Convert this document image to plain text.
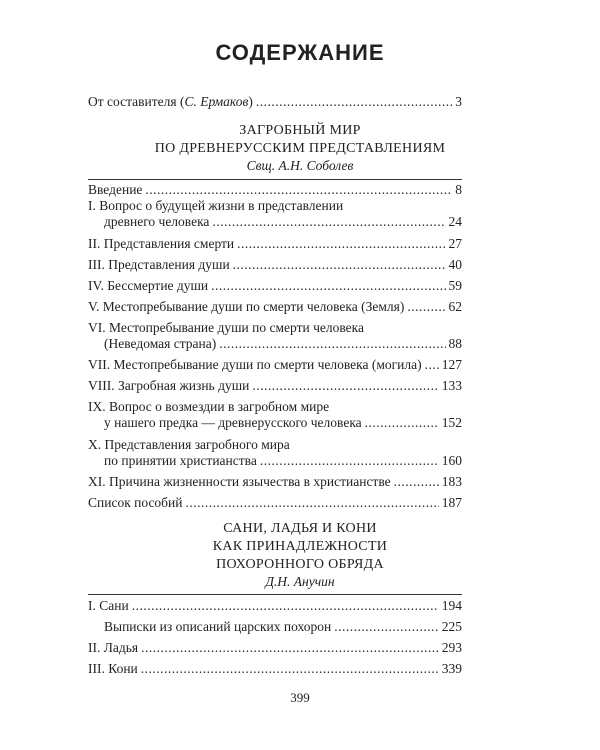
СОДЕРЖАНИЕ
От составителя (С. Ермаков) .....	3
ЗАГРОБНЫЙ МИР
ПО ДРЕВНЕРУССКИМ ПРЕДСТАВЛЕНИЯМ
Свщ. А.Н. Соболев
Введение .....	8
I. Вопрос о будущей жизни в представлении
древнего человека .....	24
II. Представления смерти .....	27
III. Представления души .....	40
IV. Бессмертие души .....	59
V. Местопребывание души по смерти человека (Земля) .....	62
VI. Местопребывание души по смерти человека
(Неведомая страна) .....	88
VII. Местопребывание души по смерти человека (могила) ..... 127
VIII. Загробная жизнь души .....	133
IX. Вопрос о возмездии в загробном мире
у нашего предка — древнерусского человека .....	152
X. Представления загробного мира
по принятии христианства .....	160
XI. Причина жизненности язычества в христианстве .....	183
Список пособий .....	187
САНИ, ЛАДЬЯ И КОНИ
КАК ПРИНАДЛЕЖНОСТИ
ПОХОРОННОГО ОБРЯДА
Д.Н. Анучин
I. Сани .....	194
Выписки из описаний царских похорон .....	225
II. Ладья .....	293
III. Кони .....	339
399
